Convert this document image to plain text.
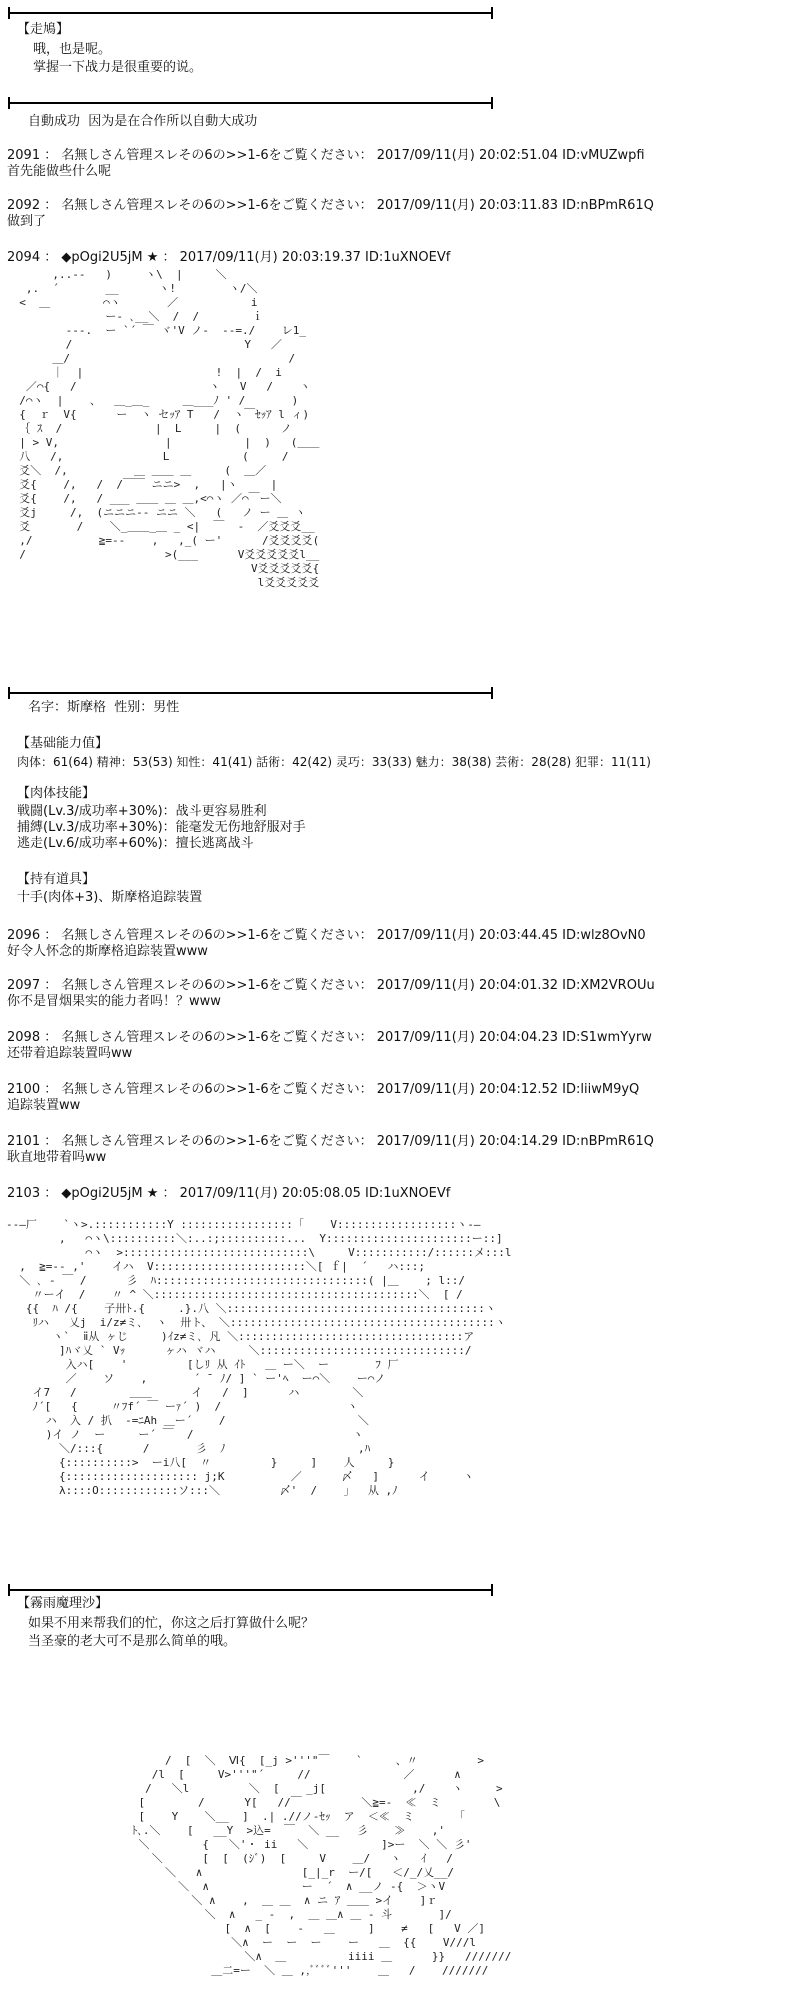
【走鳩】
哦，也是呢。
掌握一下战力是很重要的说。
自動成功  因为是在合作所以自動大成功
2091 ： 名無しさん管理スレその6の>>1-6をご覧ください： 2017/09/11(月) 20:02:51.04 ID:vMUZwpfi
首先能做些什么呢
2092 ： 名無しさん管理スレその6の>>1-6をご覧ください： 2017/09/11(月) 20:03:11.83 ID:nBPmR61Q
做到了
2094 ： ◆pOgi2U5jM ★ ： 2017/09/11(月) 20:03:19.37 ID:1uXNOEVf
,..-‐   )     ヽ\  |     ＼
,.  ´       __      ヽ!        ヽ/＼
<  ＿        ⌒ヽ       ／           i
ー- ､__＼  /  /        ｉ
---.  ー `´ ￣ ヾ'V ノ-  --=./    レ1_
/                          Y   ／
＿/                                 /
｜  |                    !  |  /  i
／⌒{   /                    ヽ   V   /    ヽ
/⌒ヽ  |    、  ＿_＿_     ＿___ﾉ ' /       )
{  ｒ  V{      ー  ヽ セｯｱ T   /  ヽ￣ｾｯｱ l ィ)
｛ ｽ  /              |  L     |  (      ノ
| > V,                |           |  )   (＿＿
八   /,               L           (     /
爻＼  /,          ＿ ＿＿ ＿     (  ＿／
爻{    /,   /  /￣￣ ニニ>  ,   |ヽ     |
爻{    /,   / ___ ＿＿ ＿ ＿,<⌒ヽ ／⌒￣ー＼
爻j     /,  (ニニニ-- ニニ ＼   (   ノ ー ＿ ヽ
爻       /    ＼_＿＿_＿ _ <|  ￣  -  ／爻爻爻__
,/          ≧=--    ,   ,_( ー'      /爻爻爻爻(
/                     >(___      V爻爻爻爻爻l__
V爻爻爻爻爻{
l爻爻爻爻爻
名字：斯摩格  性别：男性
【基础能力值】
肉体：61(64) 精神：53(53) 知性：41(41) 話術：42(42) 灵巧：33(33) 魅力：38(38) 芸術：28(28) 犯罪：11(11)
【肉体技能】
戦闘(Lv.3/成功率+30%)：战斗更容易胜利
捕縛(Lv.3/成功率+30%)：能毫发无伤地舒服对手
逃走(Lv.6/成功率+60%)：擅长逃离战斗
【持有道具】
十手(肉体+3)、斯摩格追踪装置
2096 ： 名無しさん管理スレその6の>>1-6をご覧ください： 2017/09/11(月) 20:03:44.45 ID:wlz8OvN0
好令人怀念的斯摩格追踪装置www
2097 ： 名無しさん管理スレその6の>>1-6をご覧ください： 2017/09/11(月) 20:04:01.32 ID:XM2VROUu
你不是冒烟果实的能力者吗！？www
2098 ： 名無しさん管理スレその6の>>1-6をご覧ください： 2017/09/11(月) 20:04:04.23 ID:S1wmYyrw
还带着追踪装置吗ww
2100 ： 名無しさん管理スレその6の>>1-6をご覧ください： 2017/09/11(月) 20:04:12.52 ID:liiwM9yQ
追踪装置ww
2101 ： 名無しさん管理スレその6の>>1-6をご覧ください： 2017/09/11(月) 20:04:14.29 ID:nBPmR61Q
耿直地带着吗ww
2103 ： ◆pOgi2U5jM ★ ： 2017/09/11(月) 20:05:08.05 ID:1uXNOEVf
--―厂    `ヽ>.:::::::::::Y :::::::::::::::::「    V::::::::::::::::::ヽ-―
,   ⌒ヽ\::::::::::＼:..:;::::::::::...  Y::::::::::::::::::::::ー::]
⌒ヽ  >::::::::::::::::::::::::::::\     V:::::::::::/::::::メ:::l
,  ≧=-‐ ,'    イハ  V:::::::::::::::::::::::＼[ ｆ|  ´   ハ:::;
＼ ､ ‐ ￣ /      彡  ﾊ::::::::::::::::::::::::::::::::( |＿    ; l::/
〃ーイ  /    〃 ^ ＼::::::::::::::::::::::::::::::::::::::::＼  [ /
{{  ﾊ /{    子卅ﾄ.{     .}.八 ＼:::::::::::::::::::::::::::::::::::::::ヽ
ﾘハ   乂j  i/z≠ミ､  ヽ  卅ト、 ＼::::::::::::::::::::::::::::::::::::::::ヽ
ヽ`  ⅱ从 ヶじ     )ｲz≠ミ､ 凡 ＼::::::::::::::::::::::::::::::::::ア
]ﾊヾ乂 ` Vｯ      ヶハ ヾハ     ＼:::::::::::::::::::::::::::::::/
入ハ[    '         [しﾘ 从 ｲﾄ   ＿ ー＼  ー       ﾌ 厂
／    ソ    ,       ´ ̄  ﾉ/ ] ` ー'ﾍ  ー⌒＼    ー⌒ノ
イ7   /        ＿＿      イ   /  ]      ハ        ＼
ﾉ´[   {     〃ﾌf´ ￣ ーｧ´ )  /                   ヽ
ハ  入 / 扒  -=ﾆAh ＿ー´    /                    ＼
)イ ノ  ー     ー´ ￣  /                        ヽ
＼/:::{      /       彡  ﾉ                    ,ﾊ
{::::::::::>  ーi八[  〃         }     ]    人     }
{:::::::::::::::::::: j;K          ／      〆   ]      イ     ヽ
λ::::O::::::::::::ソ:::＼         〆'  /    」  从 ,ﾉ
【霧雨魔理沙】
如果不用来帮我们的忙，你这之后打算做什么呢？
当圣豪的老大可不是那么简单的哦。
/  [  ＼  Ⅵ{  [_j >'''"￣    `     、〃         >
/l  [     V>'''"´     //              ／      ∧
/   ＼l         ＼  [    _j[             ,/    ヽ     >
[        /      Y[   //￣         ＼≧=-  ≪  ミ        \
[    Y    ＼__  ]  .| .//ノ-ｾｯ  ア  ＜≪  ミ      「
ﾄ､.＼    [   __Y  >込=  ￣  ＼ __ 　彡    ≫    ,'
＼        {   ＼'・ ii   ＼           ]>ー  ＼ ＼ 彡'
＼      [  [  (ｼﾞ)  [     V    ＿/   ヽ   ｲ   /
＼   ∧               [_|_r  ー/[   ＜/_/乂__/
＼  ∧              ー  ´  ∧ __ノ -{  ＞ヽV
＼ ∧    ,  ＿ ＿  ∧ ニ ｱ ＿＿ >イ    ]ｒ
＼  ∧   _ -  ,  ＿ ＿∧ ＿ - 斗       ]/
[  ∧  [    -   ＿     ]    ≠   [   V ／]
＼∧  ー  ー  ー    ー   ＿  {{    V///l
＼∧  ＿ 　　     iiii ＿      }}   ///////
＿二=ー  ＼ ＿ ,,ﾞﾞﾞﾞ'''    ＿   /    ///////
